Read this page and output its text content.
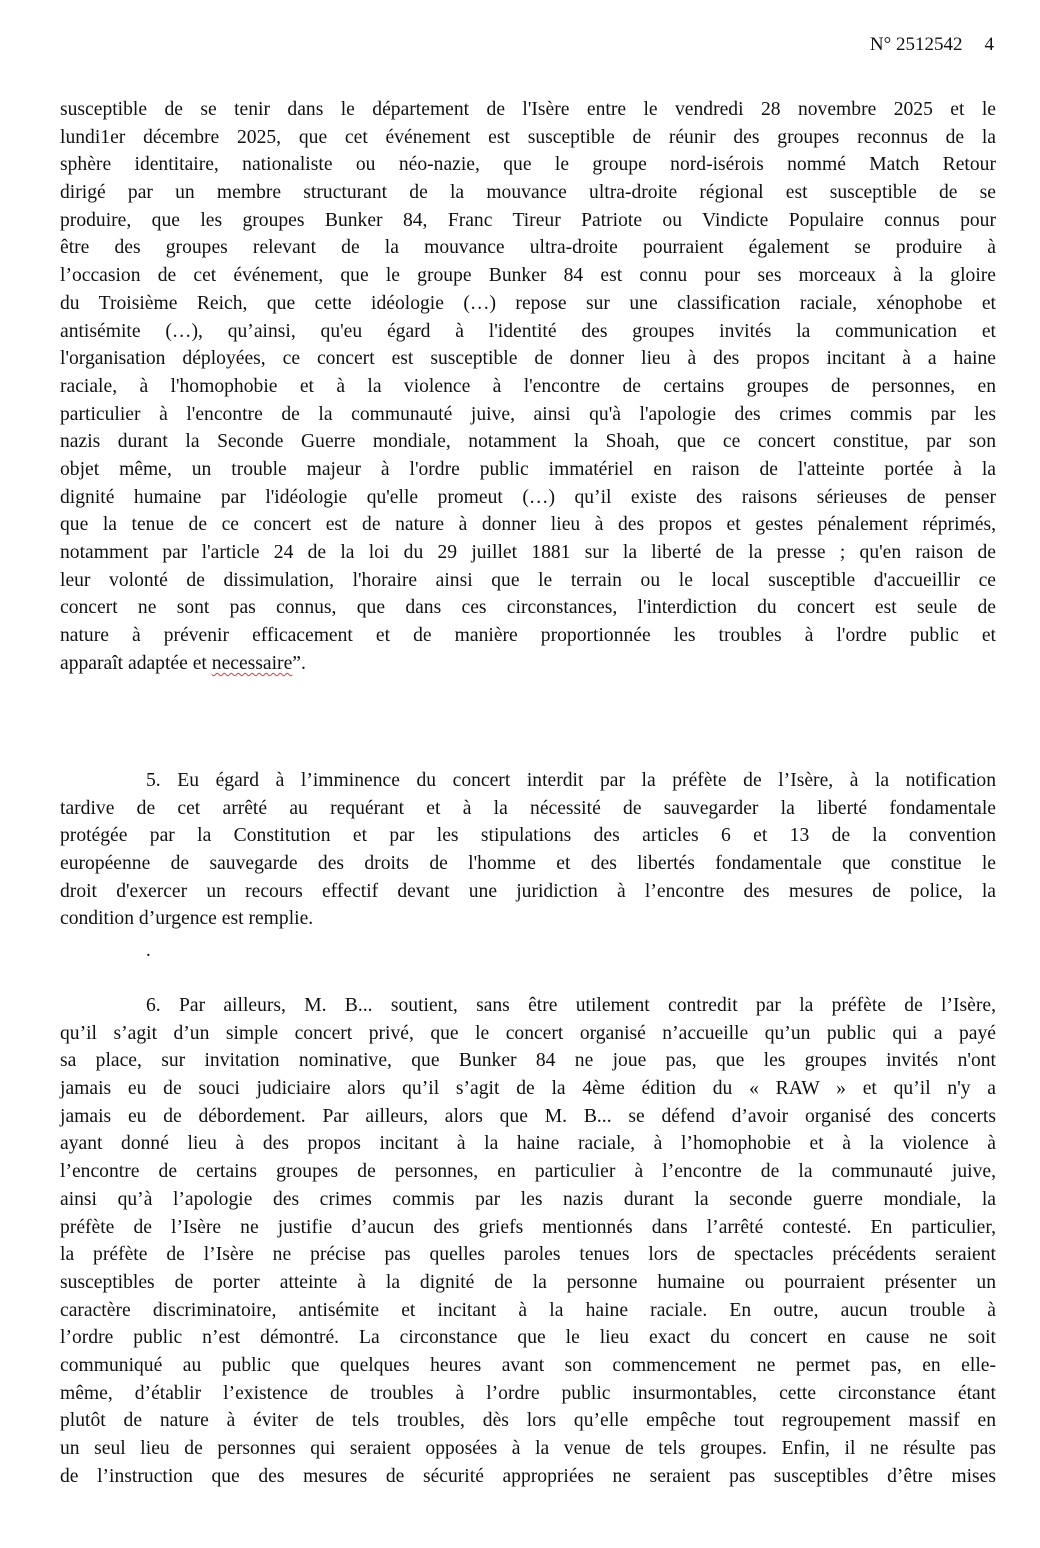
N° 2512542 4
susceptible de se tenir dans le département de l'Isère entre le vendredi 28 novembre 2025 et le
lundi1er décembre 2025, que cet événement est susceptible de réunir des groupes reconnus de la
sphère identitaire, nationaliste ou néo-nazie, que le groupe nord-isérois nommé Match Retour
dirigé par un membre structurant de la mouvance ultra-droite régional est susceptible de se
produire, que les groupes Bunker 84, Franc Tireur Patriote ou Vindicte Populaire connus pour
être des groupes relevant de la mouvance ultra-droite pourraient également se produire à
l’occasion de cet événement, que le groupe Bunker 84 est connu pour ses morceaux à la gloire
du Troisième Reich, que cette idéologie (…) repose sur une classification raciale, xénophobe et
antisémite (…), qu’ainsi, qu'eu égard à l'identité des groupes invités la communication et
l'organisation déployées, ce concert est susceptible de donner lieu à des propos incitant à a haine
raciale, à l'homophobie et à la violence à l'encontre de certains groupes de personnes, en
particulier à l'encontre de la communauté juive, ainsi qu'à l'apologie des crimes commis par les
nazis durant la Seconde Guerre mondiale, notamment la Shoah, que ce concert constitue, par son
objet même, un trouble majeur à l'ordre public immatériel en raison de l'atteinte portée à la
dignité humaine par l'idéologie qu'elle promeut (…) qu’il existe des raisons sérieuses de penser
que la tenue de ce concert est de nature à donner lieu à des propos et gestes pénalement réprimés,
notamment par l'article 24 de la loi du 29 juillet 1881 sur la liberté de la presse ; qu'en raison de
leur volonté de dissimulation, l'horaire ainsi que le terrain ou le local susceptible d'accueillir ce
concert ne sont pas connus, que dans ces circonstances, l'interdiction du concert est seule de
nature à prévenir efficacement et de manière proportionnée les troubles à l'ordre public et
apparaît adaptée et necessaire”.
5. Eu égard à l’imminence du concert interdit par la préfète de l’Isère, à la notification
tardive de cet arrêté au requérant et à la nécessité de sauvegarder la liberté fondamentale
protégée par la Constitution et par les stipulations des articles 6 et 13 de la convention
européenne de sauvegarde des droits de l'homme et des libertés fondamentale que constitue le
droit d'exercer un recours effectif devant une juridiction à l’encontre des mesures de police, la
condition d’urgence est remplie.
.
6. Par ailleurs, M. B... soutient, sans être utilement contredit par la préfète de l’Isère,
qu’il s’agit d’un simple concert privé, que le concert organisé n’accueille qu’un public qui a payé
sa place, sur invitation nominative, que Bunker 84 ne joue pas, que les groupes invités n'ont
jamais eu de souci judiciaire alors qu’il s’agit de la 4ème édition du « RAW » et qu’il n'y a
jamais eu de débordement. Par ailleurs, alors que M. B... se défend d’avoir organisé des concerts
ayant donné lieu à des propos incitant à la haine raciale, à l’homophobie et à la violence à
l’encontre de certains groupes de personnes, en particulier à l’encontre de la communauté juive,
ainsi qu’à l’apologie des crimes commis par les nazis durant la seconde guerre mondiale, la
préfète de l’Isère ne justifie d’aucun des griefs mentionnés dans l’arrêté contesté. En particulier,
la préfète de l’Isère ne précise pas quelles paroles tenues lors de spectacles précédents seraient
susceptibles de porter atteinte à la dignité de la personne humaine ou pourraient présenter un
caractère discriminatoire, antisémite et incitant à la haine raciale. En outre, aucun trouble à
l’ordre public n’est démontré. La circonstance que le lieu exact du concert en cause ne soit
communiqué au public que quelques heures avant son commencement ne permet pas, en elle-
même, d’établir l’existence de troubles à l’ordre public insurmontables, cette circonstance étant
plutôt de nature à éviter de tels troubles, dès lors qu’elle empêche tout regroupement massif en
un seul lieu de personnes qui seraient opposées à la venue de tels groupes. Enfin, il ne résulte pas
de l’instruction que des mesures de sécurité appropriées ne seraient pas susceptibles d’être mises
